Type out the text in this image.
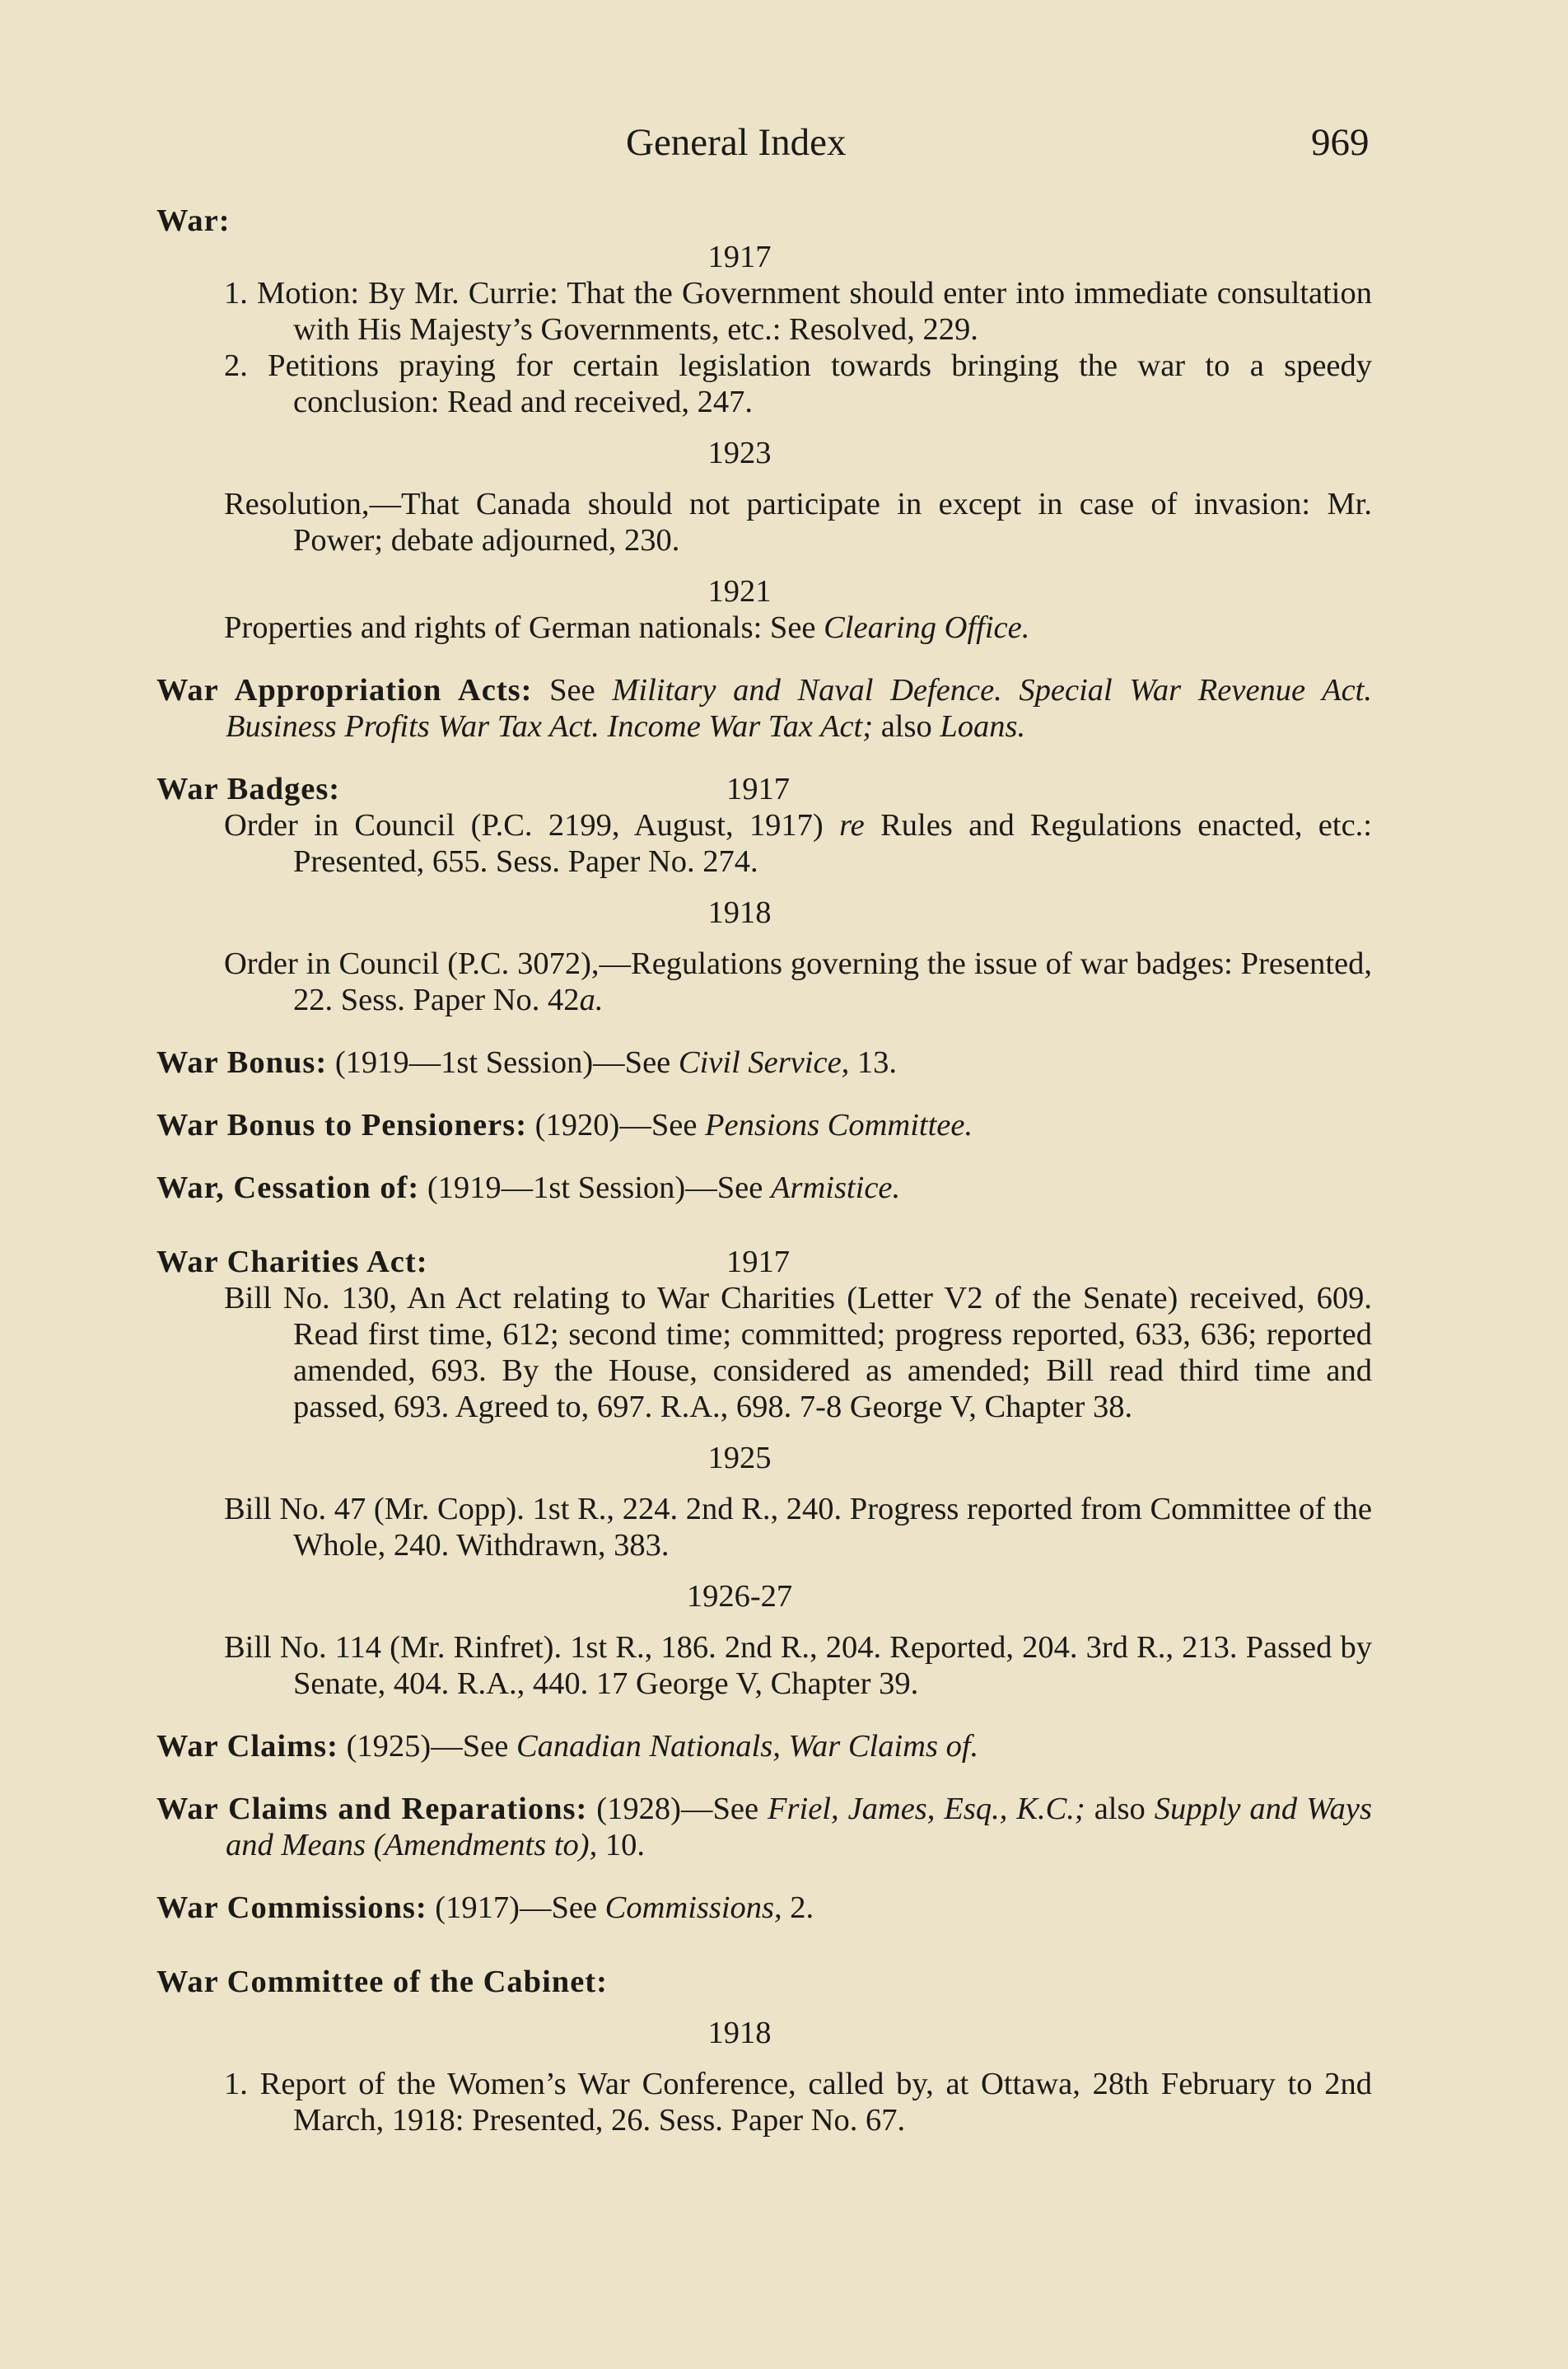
General Index	969
War:
1917
1. Motion: By Mr. Currie: That the Government should enter into immediate consultation with His Majesty’s Governments, etc.: Resolved, 229.
2. Petitions praying for certain legislation towards bringing the war to a speedy conclusion: Read and received, 247.
1923
Resolution,—That Canada should not participate in except in case of invasion: Mr. Power; debate adjourned, 230.
1921
Properties and rights of German nationals: See Clearing Office.
War Appropriation Acts: See Military and Naval Defence. Special War Revenue Act. Business Profits War Tax Act. Income War Tax Act; also Loans.
War Badges:	1917
Order in Council (P.C. 2199, August, 1917) re Rules and Regulations enacted, etc.: Presented, 655. Sess. Paper No. 274.
1918
Order in Council (P.C. 3072),—Regulations governing the issue of war badges: Presented, 22. Sess. Paper No. 42a.
War Bonus: (1919—1st Session)—See Civil Service, 13.
War Bonus to Pensioners: (1920)—See Pensions Committee.
War, Cessation of: (1919—1st Session)—See Armistice.
War Charities Act:	1917
Bill No. 130, An Act relating to War Charities (Letter V2 of the Senate) received, 609. Read first time, 612; second time; committed; progress reported, 633, 636; reported amended, 693. By the House, considered as amended; Bill read third time and passed, 693. Agreed to, 697. R.A., 698. 7-8 George V, Chapter 38.
1925
Bill No. 47 (Mr. Copp). 1st R., 224. 2nd R., 240. Progress reported from Committee of the Whole, 240. Withdrawn, 383.
1926-27
Bill No. 114 (Mr. Rinfret). 1st R., 186. 2nd R., 204. Reported, 204. 3rd R., 213. Passed by Senate, 404. R.A., 440. 17 George V, Chapter 39.
War Claims: (1925)—See Canadian Nationals, War Claims of.
War Claims and Reparations: (1928)—See Friel, James, Esq., K.C.; also Supply and Ways and Means (Amendments to), 10.
War Commissions: (1917)—See Commissions, 2.
War Committee of the Cabinet:
1918
1. Report of the Women’s War Conference, called by, at Ottawa, 28th February to 2nd March, 1918: Presented, 26. Sess. Paper No. 67.
